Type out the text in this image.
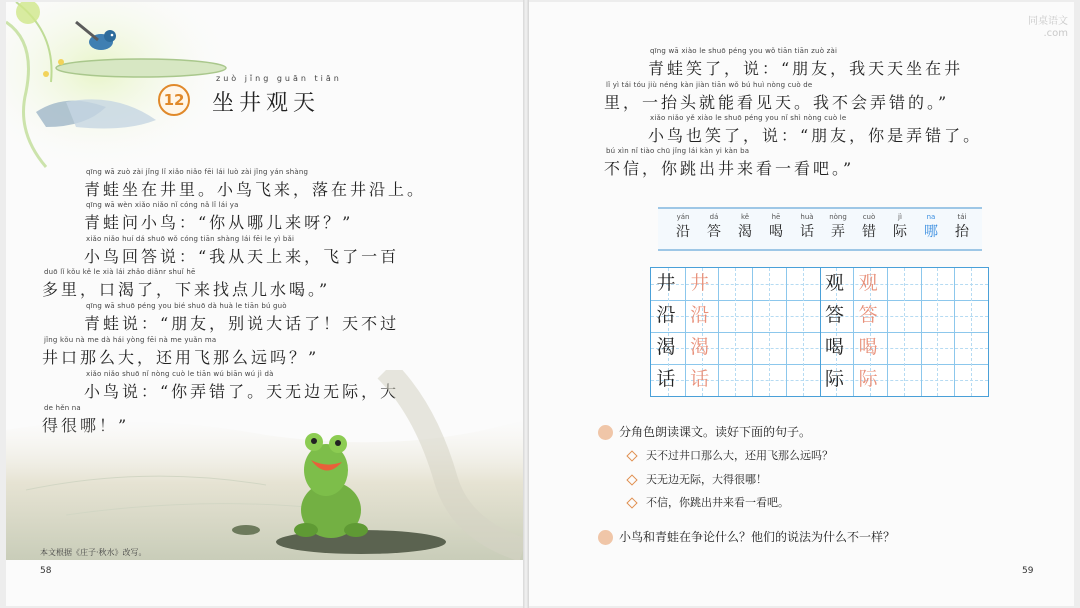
zuò jǐng guān tiān
12 坐井观天
qīng wā zuò zài jǐng lǐ xiǎo niǎo fēi lái luò zài jǐng yán shàng
青蛙坐在井里。小鸟飞来，落在井沿上。
qīng wā wèn xiǎo niǎo nǐ cóng nǎ lǐ lái ya
青蛙问小鸟：“你从哪儿来呀？”
xiǎo niǎo huí dá shuō wǒ cóng tiān shàng lái fēi le yì bǎi
小鸟回答说：“我从天上来，飞了一百
duō lǐ kǒu kě le xià lái zhǎo diǎnr shuǐ hē
多里，口渴了，下来找点儿水喝。”
qīng wā shuō péng you bié shuō dà huà le tiān bú guò
青蛙说：“朋友，别说大话了！天不过
jǐng kǒu nà me dà hái yòng fēi nà me yuǎn ma
井口那么大，还用飞那么远吗？”
xiǎo niǎo shuō nǐ nòng cuò le tiān wú biān wú jì dà
小鸟说：“你弄错了。天无边无际，大
de hěn na
本文根据《庄子·秋水》改写。
58
同桌语文
.com
qīng wā xiào le shuō péng you wǒ tiān tiān zuò zài
青蛙笑了，说：“朋友，我天天坐在井
lǐ yì tái tóu jiù néng kàn jiàn tiān wǒ bú huì nòng cuò de
里，一抬头就能看见天。我不会弄错的。”
xiǎo niǎo yě xiào le shuō péng you nǐ shì nòng cuò le
小鸟也笑了，说：“朋友，你是弄错了。
bú xìn nǐ tiào chū jǐng lái kàn yi kàn ba
不信，你跳出井来看一看吧。”
yán
沿
dá
答
kě
渴
hē
喝
huà
话
nòng
弄
cuò
错
jì
际
na
哪
tái
抬
井 井
沿 沿
渴 渴
话 话
观 观
答 答
喝 喝
际 际
分角色朗读课文。读好下面的句子。
天不过井口那么大，还用飞那么远吗？
天无边无际，大得很哪！
不信，你跳出井来看一看吧。
小鸟和青蛙在争论什么？他们的说法为什么不一样？
59
